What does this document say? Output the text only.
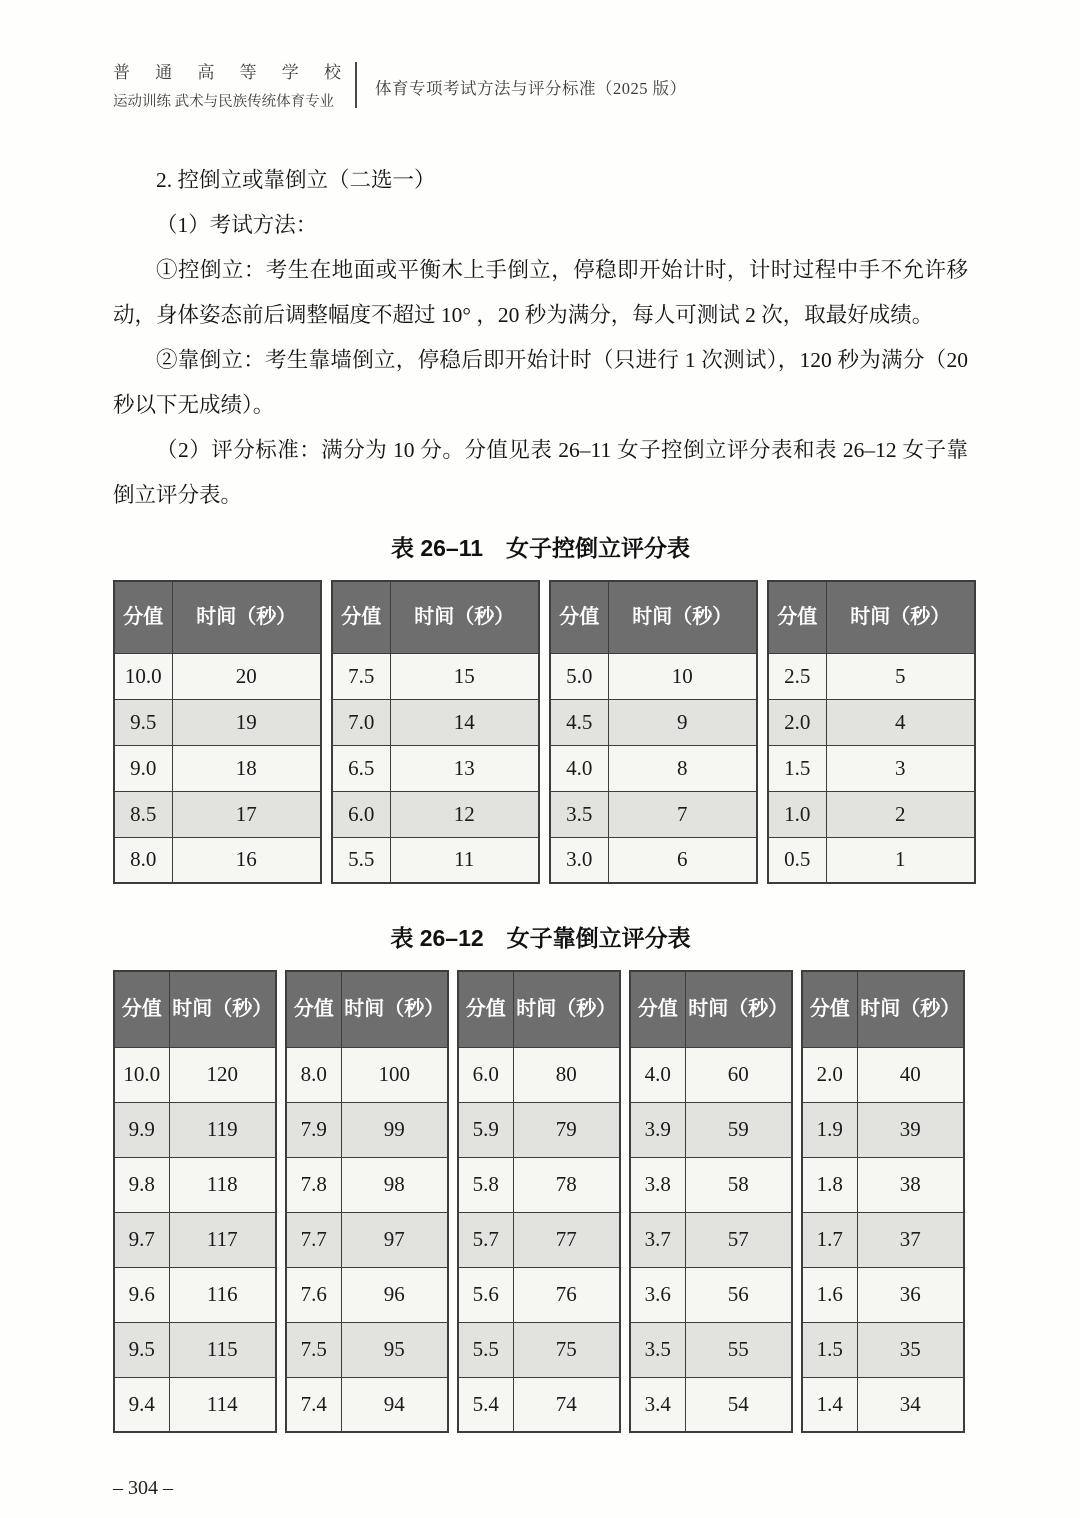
普通高等学校
运动训练 武术与民族传统体育专业
体育专项考试方法与评分标准（2025 版）

2. 控倒立或靠倒立（二选一）

（1）考试方法：

①控倒立：考生在地面或平衡木上手倒立，停稳即开始计时，计时过程中手不允许移动，身体姿态前后调整幅度不超过 10° ，20 秒为满分，每人可测试 2 次，取最好成绩。

②靠倒立：考生靠墙倒立，停稳后即开始计时（只进行 1 次测试），120 秒为满分（20 秒以下无成绩）。

（2）评分标准：满分为 10 分。分值见表 26–11 女子控倒立评分表和表 26–12 女子靠倒立评分表。

表 26–11　女子控倒立评分表
分值	时间（秒）
10.0	20
9.5	19
9.0	18
8.5	17
8.0	16
分值	时间（秒）
7.5	15
7.0	14
6.5	13
6.0	12
5.5	11
分值	时间（秒）
5.0	10
4.5	9
4.0	8
3.5	7
3.0	6
分值	时间（秒）
2.5	5
2.0	4
1.5	3
1.0	2
0.5	1
表 26–12　女子靠倒立评分表
分值	时间（秒）
10.0	120
9.9	119
9.8	118
9.7	117
9.6	116
9.5	115
9.4	114
分值	时间（秒）
8.0	100
7.9	99
7.8	98
7.7	97
7.6	96
7.5	95
7.4	94
分值	时间（秒）
6.0	80
5.9	79
5.8	78
5.7	77
5.6	76
5.5	75
5.4	74
分值	时间（秒）
4.0	60
3.9	59
3.8	58
3.7	57
3.6	56
3.5	55
3.4	54
分值	时间（秒）
2.0	40
1.9	39
1.8	38
1.7	37
1.6	36
1.5	35
1.4	34
– 304 –
